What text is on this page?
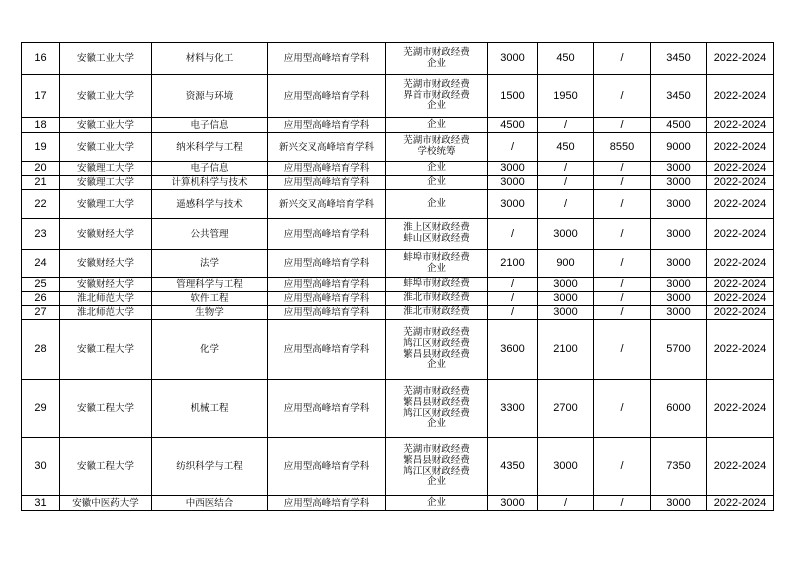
16	安徽工业大学	材料与化工	应用型高峰培育学科	芜湖市财政经费
企业	3000	450	/	3450	2022-2024
17	安徽工业大学	资源与环境	应用型高峰培育学科	芜湖市财政经费
界首市财政经费
企业	1500	1950	/	3450	2022-2024
18	安徽工业大学	电子信息	应用型高峰培育学科	企业	4500	/	/	4500	2022-2024
19	安徽工业大学	纳米科学与工程	新兴交叉高峰培育学科	芜湖市财政经费
学校统筹	/	450	8550	9000	2022-2024
20	安徽理工大学	电子信息	应用型高峰培育学科	企业	3000	/	/	3000	2022-2024
21	安徽理工大学	计算机科学与技术	应用型高峰培育学科	企业	3000	/	/	3000	2022-2024
22	安徽理工大学	遥感科学与技术	新兴交叉高峰培育学科	企业	3000	/	/	3000	2022-2024
23	安徽财经大学	公共管理	应用型高峰培育学科	淮上区财政经费
蚌山区财政经费	/	3000	/	3000	2022-2024
24	安徽财经大学	法学	应用型高峰培育学科	蚌埠市财政经费
企业	2100	900	/	3000	2022-2024
25	安徽财经大学	管理科学与工程	应用型高峰培育学科	蚌埠市财政经费	/	3000	/	3000	2022-2024
26	淮北师范大学	软件工程	应用型高峰培育学科	淮北市财政经费	/	3000	/	3000	2022-2024
27	淮北师范大学	生物学	应用型高峰培育学科	淮北市财政经费	/	3000	/	3000	2022-2024
28	安徽工程大学	化学	应用型高峰培育学科	芜湖市财政经费
鸠江区财政经费
繁昌县财政经费
企业	3600	2100	/	5700	2022-2024
29	安徽工程大学	机械工程	应用型高峰培育学科	芜湖市财政经费
繁昌县财政经费
鸠江区财政经费
企业	3300	2700	/	6000	2022-2024
30	安徽工程大学	纺织科学与工程	应用型高峰培育学科	芜湖市财政经费
繁昌县财政经费
鸠江区财政经费
企业	4350	3000	/	7350	2022-2024
31	安徽中医药大学	中西医结合	应用型高峰培育学科	企业	3000	/	/	3000	2022-2024
